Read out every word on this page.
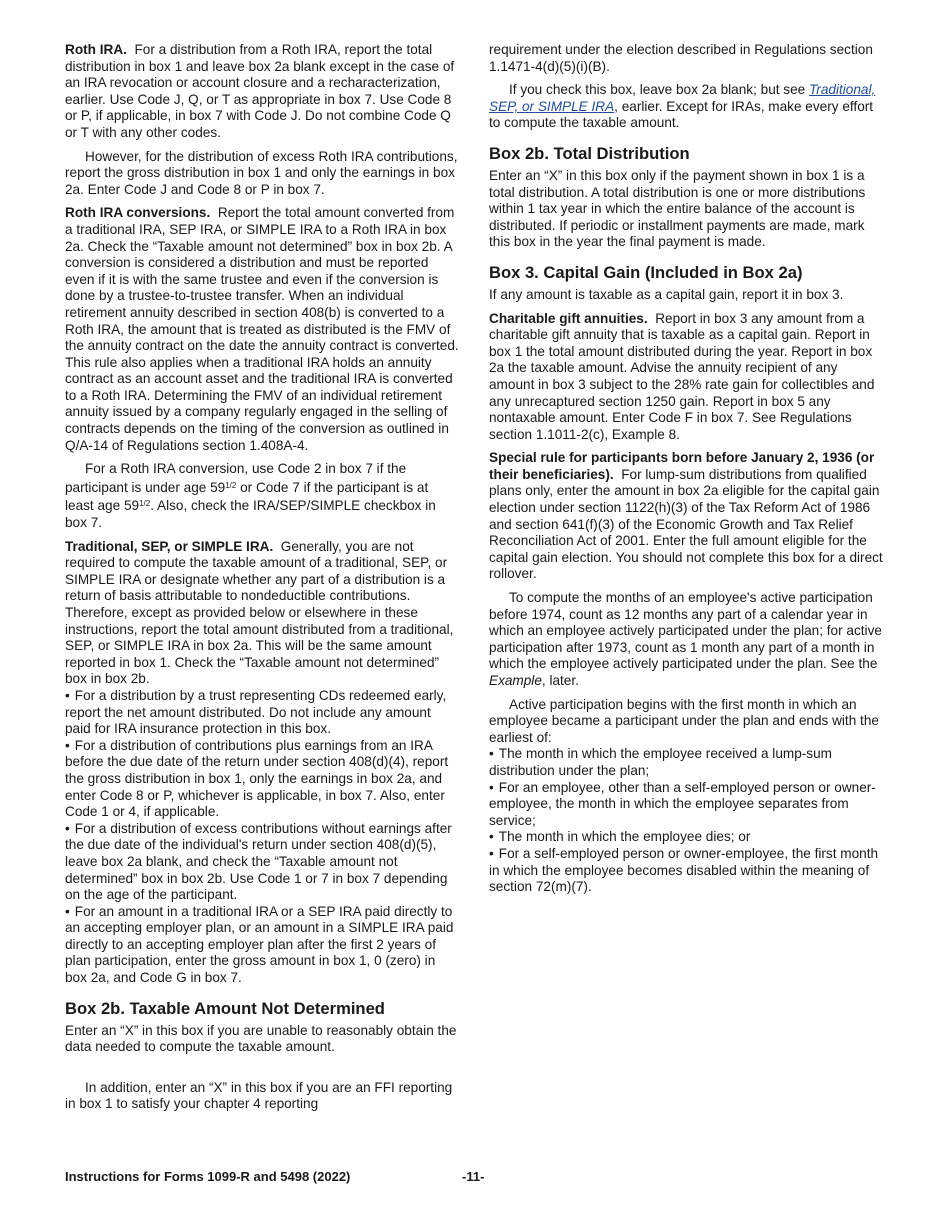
Roth IRA. For a distribution from a Roth IRA, report the total distribution in box 1 and leave box 2a blank except in the case of an IRA revocation or account closure and a recharacterization, earlier. Use Code J, Q, or T as appropriate in box 7. Use Code 8 or P, if applicable, in box 7 with Code J. Do not combine Code Q or T with any other codes.

However, for the distribution of excess Roth IRA contributions, report the gross distribution in box 1 and only the earnings in box 2a. Enter Code J and Code 8 or P in box 7.

Roth IRA conversions. Report the total amount converted from a traditional IRA, SEP IRA, or SIMPLE IRA to a Roth IRA in box 2a. Check the “Taxable amount not determined” box in box 2b. A conversion is considered a distribution and must be reported even if it is with the same trustee and even if the conversion is done by a trustee-to-trustee transfer. When an individual retirement annuity described in section 408(b) is converted to a Roth IRA, the amount that is treated as distributed is the FMV of the annuity contract on the date the annuity contract is converted. This rule also applies when a traditional IRA holds an annuity contract as an account asset and the traditional IRA is converted to a Roth IRA. Determining the FMV of an individual retirement annuity issued by a company regularly engaged in the selling of contracts depends on the timing of the conversion as outlined in Q/A-14 of Regulations section 1.408A-4.

For a Roth IRA conversion, use Code 2 in box 7 if the participant is under age $59^{1/2}$ or Code 7 if the participant is at least age $59^{1/2}$. Also, check the IRA/SEP/SIMPLE checkbox in box 7.

Traditional, SEP, or SIMPLE IRA. Generally, you are not required to compute the taxable amount of a traditional, SEP, or SIMPLE IRA or designate whether any part of a distribution is a return of basis attributable to nondeductible contributions. Therefore, except as provided below or elsewhere in these instructions, report the total amount distributed from a traditional, SEP, or SIMPLE IRA in box 2a. This will be the same amount reported in box 1. Check the “Taxable amount not determined” box in box 2b.

• For a distribution by a trust representing CDs redeemed early, report the net amount distributed. Do not include any amount paid for IRA insurance protection in this box.

• For a distribution of contributions plus earnings from an IRA before the due date of the return under section 408(d)(4), report the gross distribution in box 1, only the earnings in box 2a, and enter Code 8 or P, whichever is applicable, in box 7. Also, enter Code 1 or 4, if applicable.

• For a distribution of excess contributions without earnings after the due date of the individual's return under section 408(d)(5), leave box 2a blank, and check the “Taxable amount not determined” box in box 2b. Use Code 1 or 7 in box 7 depending on the age of the participant.

• For an amount in a traditional IRA or a SEP IRA paid directly to an accepting employer plan, or an amount in a SIMPLE IRA paid directly to an accepting employer plan after the first 2 years of plan participation, enter the gross amount in box 1, 0 (zero) in box 2a, and Code G in box 7.

Box 2b. Taxable Amount Not Determined

Enter an “X” in this box if you are unable to reasonably obtain the data needed to compute the taxable amount.

In addition, enter an “X” in this box if you are an FFI reporting in box 1 to satisfy your chapter 4 reporting

requirement under the election described in Regulations section 1.1471-4(d)(5)(i)(B).

If you check this box, leave box 2a blank; but see Traditional, SEP, or SIMPLE IRA, earlier. Except for IRAs, make every effort to compute the taxable amount.

Box 2b. Total Distribution

Enter an “X” in this box only if the payment shown in box 1 is a total distribution. A total distribution is one or more distributions within 1 tax year in which the entire balance of the account is distributed. If periodic or installment payments are made, mark this box in the year the final payment is made.

Box 3. Capital Gain (Included in Box 2a)

If any amount is taxable as a capital gain, report it in box 3.

Charitable gift annuities. Report in box 3 any amount from a charitable gift annuity that is taxable as a capital gain. Report in box 1 the total amount distributed during the year. Report in box 2a the taxable amount. Advise the annuity recipient of any amount in box 3 subject to the 28% rate gain for collectibles and any unrecaptured section 1250 gain. Report in box 5 any nontaxable amount. Enter Code F in box 7. See Regulations section 1.1011-2(c), Example 8.

Special rule for participants born before January 2, 1936 (or their beneficiaries). For lump-sum distributions from qualified plans only, enter the amount in box 2a eligible for the capital gain election under section 1122(h)(3) of the Tax Reform Act of 1986 and section 641(f)(3) of the Economic Growth and Tax Relief Reconciliation Act of 2001. Enter the full amount eligible for the capital gain election. You should not complete this box for a direct rollover.

To compute the months of an employee's active participation before 1974, count as 12 months any part of a calendar year in which an employee actively participated under the plan; for active participation after 1973, count as 1 month any part of a month in which the employee actively participated under the plan. See the Example, later.

Active participation begins with the first month in which an employee became a participant under the plan and ends with the earliest of:

• The month in which the employee received a lump-sum distribution under the plan;

• For an employee, other than a self-employed person or owner-employee, the month in which the employee separates from service;

• The month in which the employee dies; or

• For a self-employed person or owner-employee, the first month in which the employee becomes disabled within the meaning of section 72(m)(7).

Instructions for Forms 1099-R and 5498 (2022)	-11-
